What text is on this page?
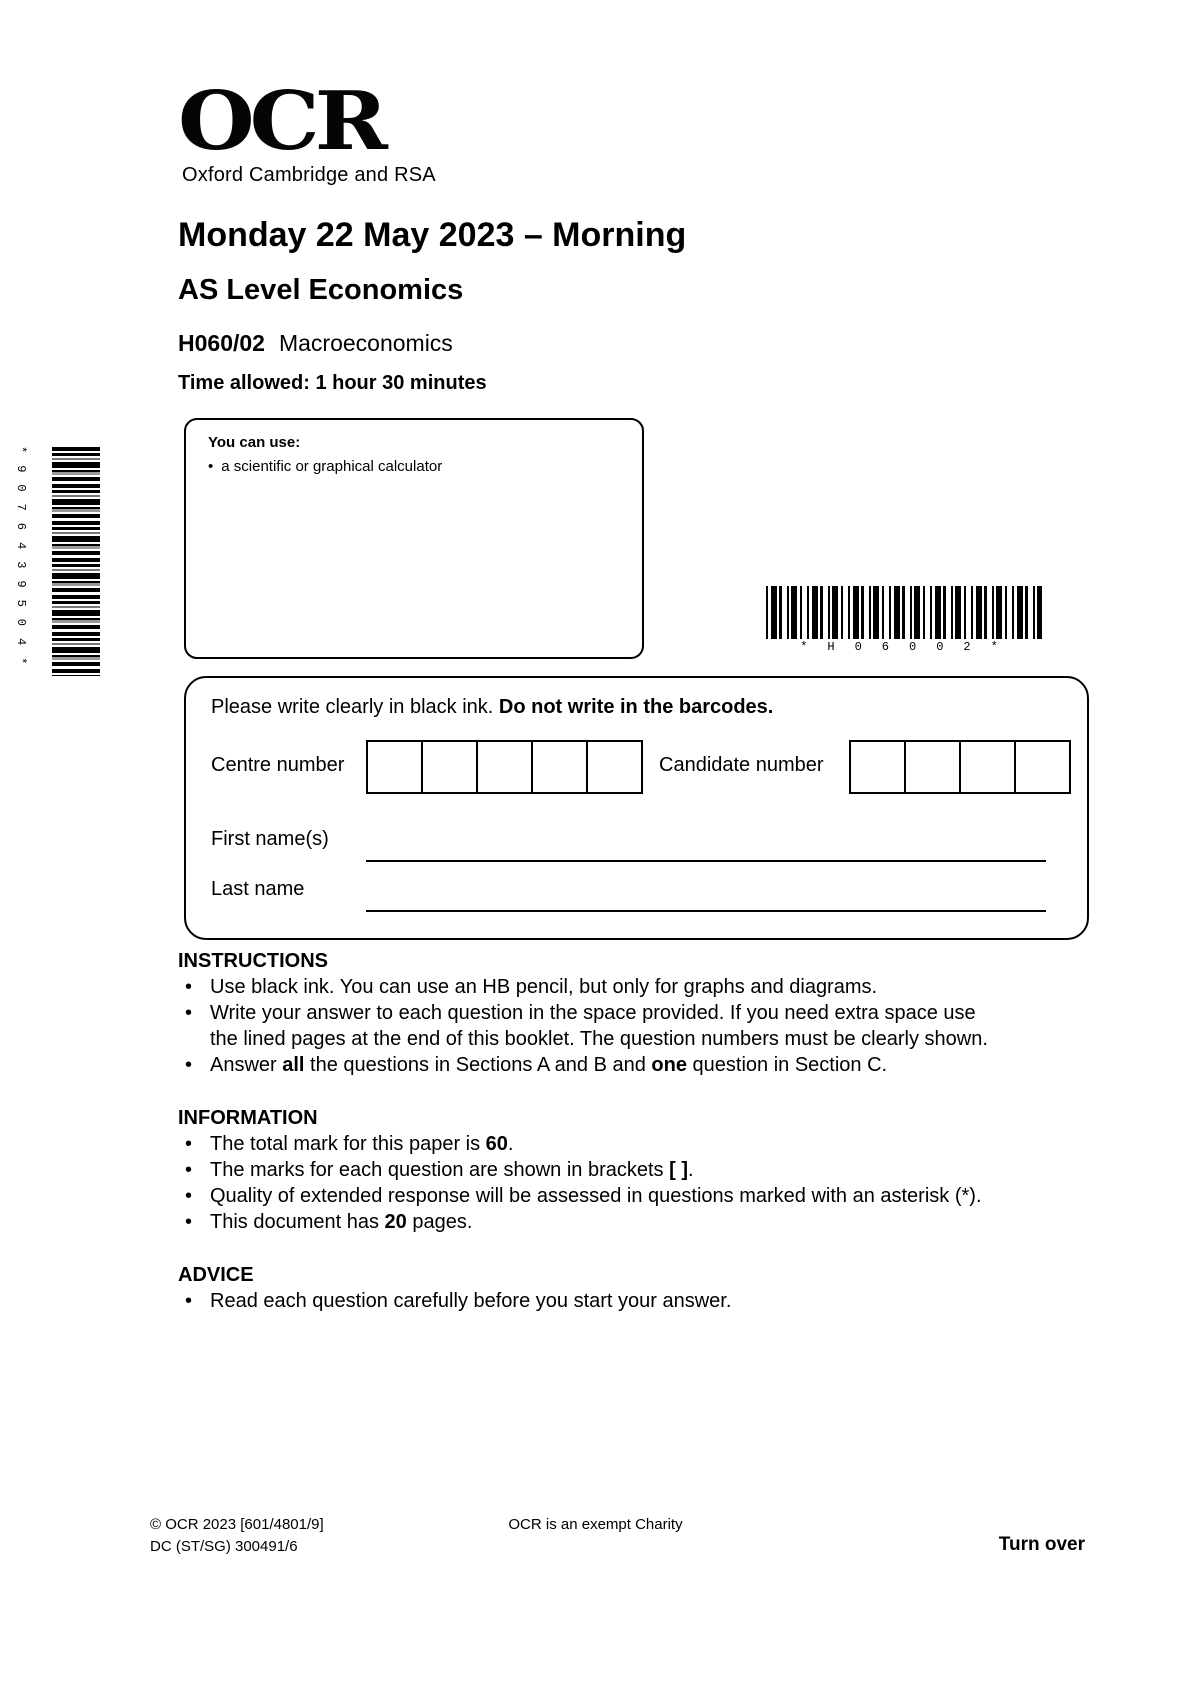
OCR
Oxford Cambridge and RSA
Monday 22 May 2023 – Morning
AS Level Economics
H060/02 Macroeconomics
Time allowed: 1 hour 30 minutes
You can use:
• a scientific or graphical calculator
*9076439504*	*H06002*
Please write clearly in black ink. Do not write in the barcodes.
Centre number	Candidate number
First name(s)
Last name
INSTRUCTIONS
• Use black ink. You can use an HB pencil, but only for graphs and diagrams.
• Write your answer to each question in the space provided. If you need extra space use
the lined pages at the end of this booklet. The question numbers must be clearly shown.
• Answer all the questions in Sections A and B and one question in Section C.
INFORMATION
• The total mark for this paper is 60.
• The marks for each question are shown in brackets [ ].
• Quality of extended response will be assessed in questions marked with an asterisk (*).
• This document has 20 pages.
ADVICE
• Read each question carefully before you start your answer.
© OCR 2023 [601/4801/9]
DC (ST/SG) 300491/6
OCR is an exempt Charity
Turn over
